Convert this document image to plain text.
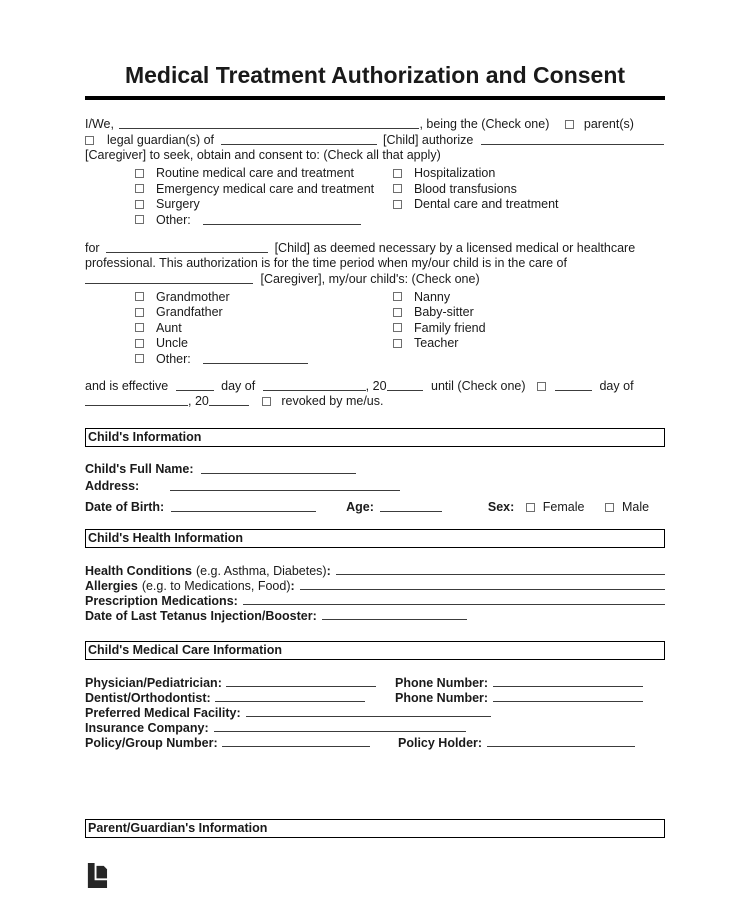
Medical Treatment Authorization and Consent
I/We,	, being the (Check one)	parent(s)
legal guardian(s) of	[Child] authorize
[Caregiver] to seek, obtain and consent to: (Check all that apply)
Routine medical care and treatment	Hospitalization
Emergency medical care and treatment	Blood transfusions
Surgery	Dental care and treatment
Other:
for	[Child] as deemed necessary by a licensed medical or healthcare
professional. This authorization is for the time period when my/our child is in the care of
[Caregiver], my/our child's: (Check one)
Grandmother	Nanny
Grandfather	Baby-sitter
Aunt	Family friend
Uncle	Teacher
Other:
and is effective	day of	, 20	until (Check one)	day of
, 20	revoked by me/us.
Child's Information
Child's Full Name:
Address:
Date of Birth:	Age:	Sex: Female	Male
Child's Health Information
Health Conditions (e.g. Asthma, Diabetes) :
Allergies (e.g. to Medications, Food) :
Prescription Medications:
Date of Last Tetanus Injection/Booster:
Child's Medical Care Information
Physician/Pediatrician:	Phone Number:
Dentist/Orthodontist:	Phone Number:
Preferred Medical Facility:
Insurance Company:
Policy/Group Number:	Policy Holder:
Parent/Guardian's Information
